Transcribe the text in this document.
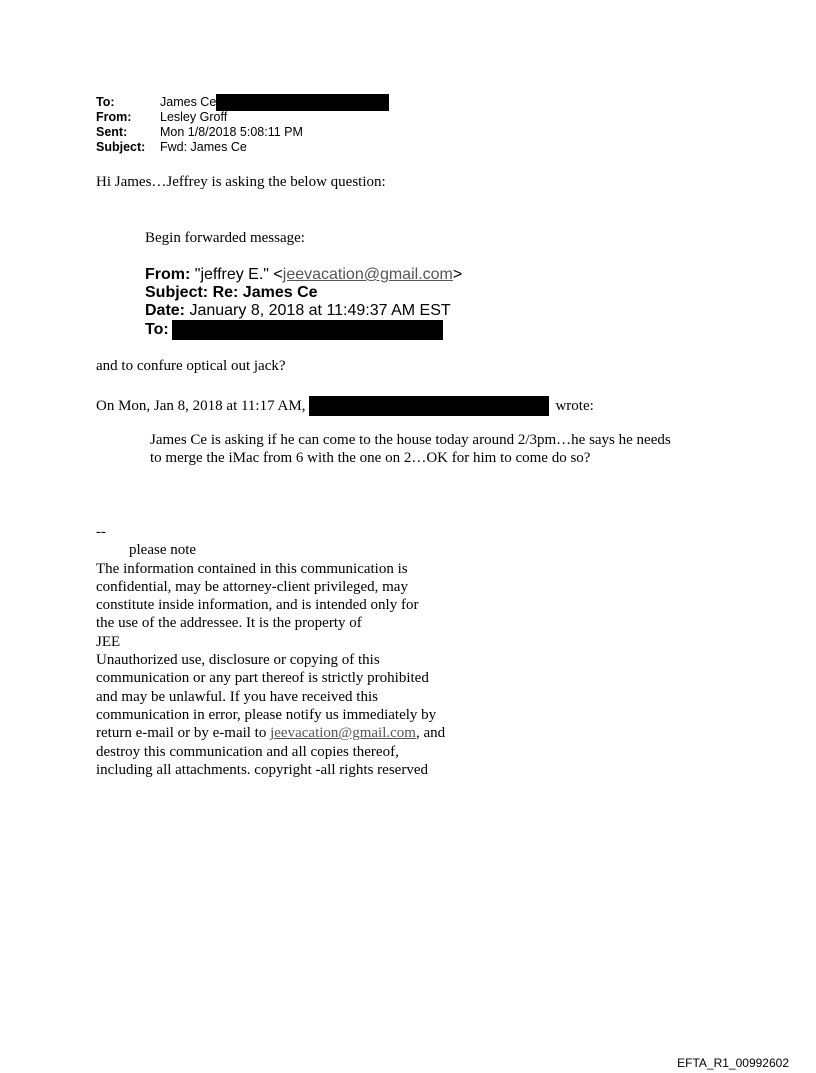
To:	James Ce
From:	Lesley Groff
Sent:	Mon 1/8/2018 5:08:11 PM
Subject:	Fwd: James Ce
Hi James…Jeffrey is asking the below question:
Begin forwarded message:
From: "jeffrey E." <jeevacation@gmail.com>
Subject: Re: James Ce
Date: January 8, 2018 at 11:49:37 AM EST
To:
and to confure optical out jack?
On Mon, Jan 8, 2018 at 11:17 AM,	wrote:
James Ce is asking if he can come to the house today around 2/3pm…he says he needs to merge the iMac from 6 with the one on 2…OK for him to come do so?
--
please note
The information contained in this communication is
confidential, may be attorney-client privileged, may
constitute inside information, and is intended only for
the use of the addressee. It is the property of
JEE
Unauthorized use, disclosure or copying of this
communication or any part thereof is strictly prohibited
and may be unlawful. If you have received this
communication in error, please notify us immediately by
return e-mail or by e-mail to jeevacation@gmail.com, and
destroy this communication and all copies thereof,
including all attachments. copyright -all rights reserved
EFTA_R1_00992602
